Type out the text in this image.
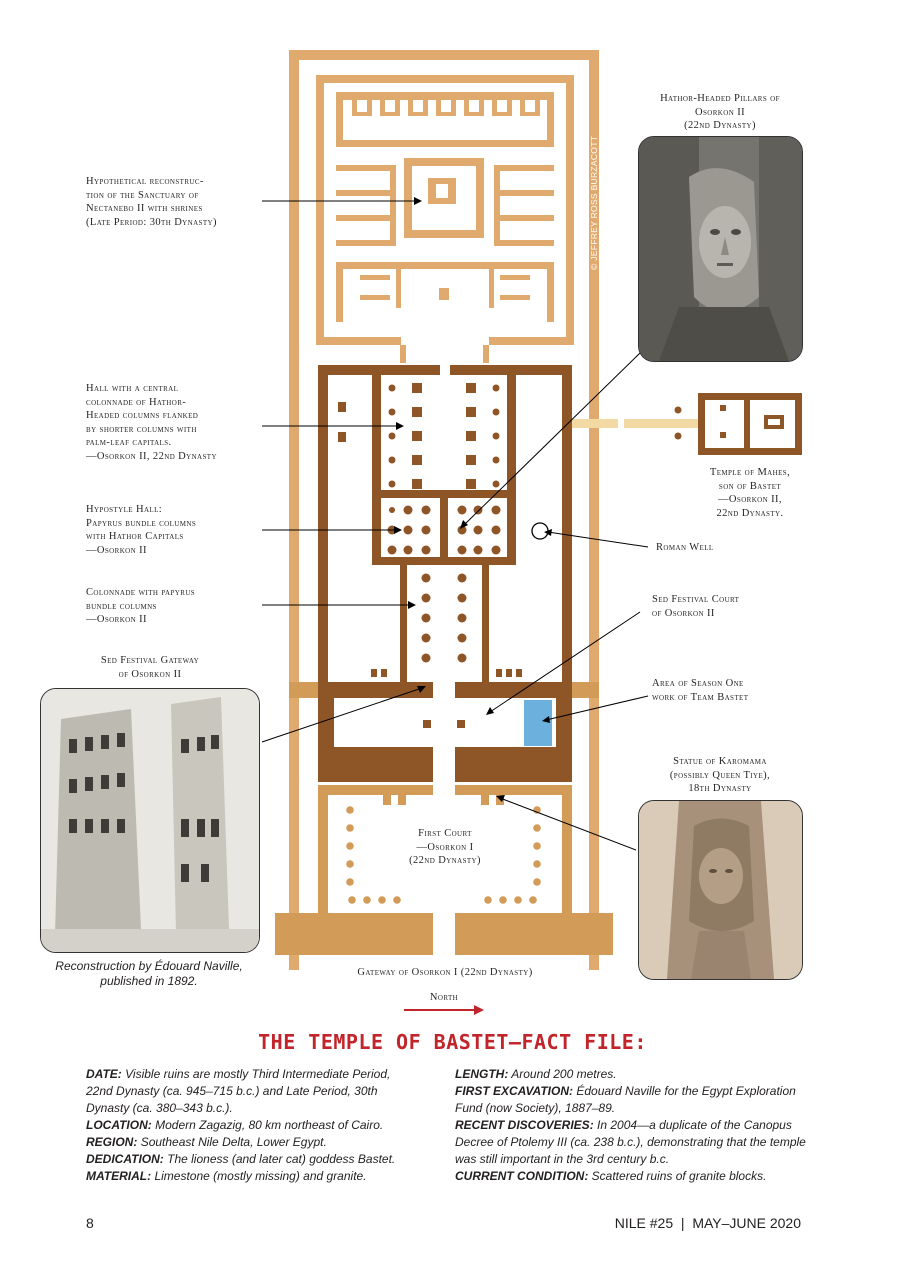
© JEFFREY ROSS BURZACOTT
Hypothetical reconstruc-
tion of the Sanctuary of
Nectanebo II with shrines
(Late Period: 30th Dynasty)
Hall with a central
colonnade of Hathor-
Headed columns flanked
by shorter columns with
palm-leaf capitals.
—Osorkon II, 22nd Dynasty
Hypostyle Hall:
Papyrus bundle columns
with Hathor Capitals
—Osorkon II
Colonnade with papyrus
bundle columns
—Osorkon II
Sed Festival Gateway
of Osorkon II
Hathor-Headed Pillars of
Osorkon II
(22nd Dynasty)
Temple of Mahes,
son of Bastet
—Osorkon II,
22nd Dynasty.
Roman Well
Sed Festival Court
of Osorkon II
Area of Season One
work of Team Bastet
Statue of Karomama
(possibly Queen Tiye),
18th Dynasty
First Court
—Osorkon I
(22nd Dynasty)
Gateway of Osorkon I (22nd Dynasty)
North
Reconstruction by Édouard Naville,
published in 1892.
THE TEMPLE OF BASTET—FACT FILE:

DATE: Visible ruins are mostly Third Intermediate Period, 22nd Dynasty (ca. 945–715 b.c.) and Late Period, 30th Dynasty (ca. 380–343 b.c.).

LOCATION: Modern Zagazig, 80 km northeast of Cairo.

REGION: Southeast Nile Delta, Lower Egypt.

DEDICATION: The lioness (and later cat) goddess Bastet.

MATERIAL: Limestone (mostly missing) and granite.

LENGTH: Around 200 metres.

FIRST EXCAVATION: Édouard Naville for the Egypt Exploration Fund (now Society), 1887–89.

RECENT DISCOVERIES: In 2004—a duplicate of the Canopus Decree of Ptolemy III (ca. 238 b.c.), demonstrating that the temple was still important in the 3rd century b.c.

CURRENT CONDITION: Scattered ruins of granite blocks.

8	NILE #25  |  MAY–JUNE 2020
